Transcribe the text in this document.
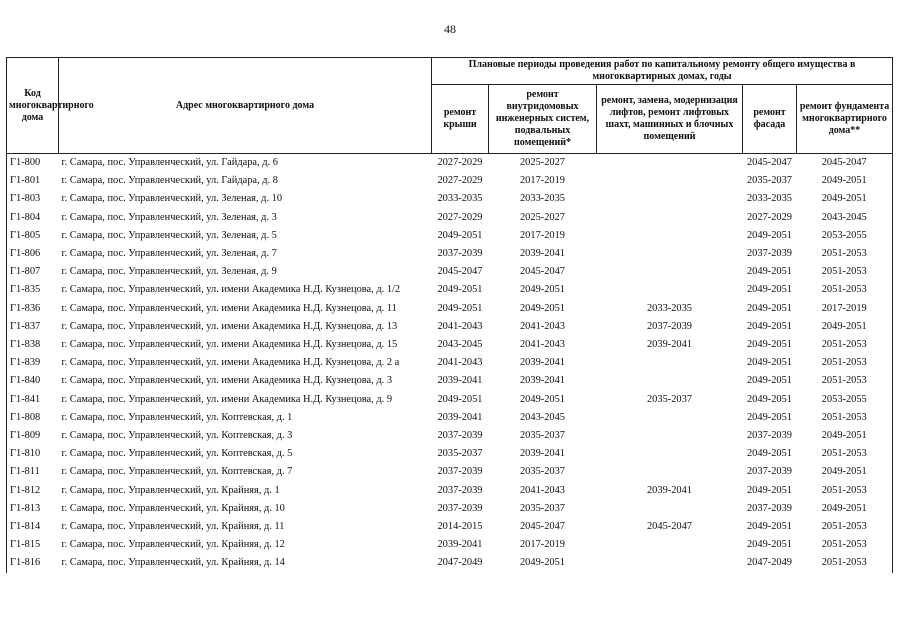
48
Код многоквартирного дома	Адрес многоквартирного дома	Плановые периоды проведения работ по капитальному ремонту общего имущества в многоквартирных домах, годы				
		ремонт крыши	ремонт внутридомовых инженерных систем, подвальных помещений*	ремонт, замена, модернизация лифтов, ремонт лифтовых шахт, машинных и блочных помещений	ремонт фасада	ремонт фундамента многоквартирного дома**
Г1-800	г. Самара, пос. Управленческий, ул. Гайдара, д. 6	2027-2029	2025-2027		2045-2047	2045-2047
Г1-801	г. Самара, пос. Управленческий, ул. Гайдара, д. 8	2027-2029	2017-2019		2035-2037	2049-2051
Г1-803	г. Самара, пос. Управленческий, ул. Зеленая, д. 10	2033-2035	2033-2035		2033-2035	2049-2051
Г1-804	г. Самара, пос. Управленческий, ул. Зеленая, д. 3	2027-2029	2025-2027		2027-2029	2043-2045
Г1-805	г. Самара, пос. Управленческий, ул. Зеленая, д. 5	2049-2051	2017-2019		2049-2051	2053-2055
Г1-806	г. Самара, пос. Управленческий, ул. Зеленая, д. 7	2037-2039	2039-2041		2037-2039	2051-2053
Г1-807	г. Самара, пос. Управленческий, ул. Зеленая, д. 9	2045-2047	2045-2047		2049-2051	2051-2053
Г1-835	г. Самара, пос. Управленческий, ул. имени Академика Н.Д. Кузнецова, д. 1/2	2049-2051	2049-2051		2049-2051	2051-2053
Г1-836	г. Самара, пос. Управленческий, ул. имени Академика Н.Д. Кузнецова, д. 11	2049-2051	2049-2051	2033-2035	2049-2051	2017-2019
Г1-837	г. Самара, пос. Управленческий, ул. имени Академика Н.Д. Кузнецова, д. 13	2041-2043	2041-2043	2037-2039	2049-2051	2049-2051
Г1-838	г. Самара, пос. Управленческий, ул. имени Академика Н.Д. Кузнецова, д. 15	2043-2045	2041-2043	2039-2041	2049-2051	2051-2053
Г1-839	г. Самара, пос. Управленческий, ул. имени Академика Н.Д. Кузнецова, д. 2 а	2041-2043	2039-2041		2049-2051	2051-2053
Г1-840	г. Самара, пос. Управленческий, ул. имени Академика Н.Д. Кузнецова, д. 3	2039-2041	2039-2041		2049-2051	2051-2053
Г1-841	г. Самара, пос. Управленческий, ул. имени Академика Н.Д. Кузнецова, д. 9	2049-2051	2049-2051	2035-2037	2049-2051	2053-2055
Г1-808	г. Самара, пос. Управленческий, ул. Коптевская, д. 1	2039-2041	2043-2045		2049-2051	2051-2053
Г1-809	г. Самара, пос. Управленческий, ул. Коптевская, д. 3	2037-2039	2035-2037		2037-2039	2049-2051
Г1-810	г. Самара, пос. Управленческий, ул. Коптевская, д. 5	2035-2037	2039-2041		2049-2051	2051-2053
Г1-811	г. Самара, пос. Управленческий, ул. Коптевская, д. 7	2037-2039	2035-2037		2037-2039	2049-2051
Г1-812	г. Самара, пос. Управленческий, ул. Крайняя, д. 1	2037-2039	2041-2043	2039-2041	2049-2051	2051-2053
Г1-813	г. Самара, пос. Управленческий, ул. Крайняя, д. 10	2037-2039	2035-2037		2037-2039	2049-2051
Г1-814	г. Самара, пос. Управленческий, ул. Крайняя, д. 11	2014-2015	2045-2047	2045-2047	2049-2051	2051-2053
Г1-815	г. Самара, пос. Управленческий, ул. Крайняя, д. 12	2039-2041	2017-2019		2049-2051	2051-2053
Г1-816	г. Самара, пос. Управленческий, ул. Крайняя, д. 14	2047-2049	2049-2051		2047-2049	2051-2053
